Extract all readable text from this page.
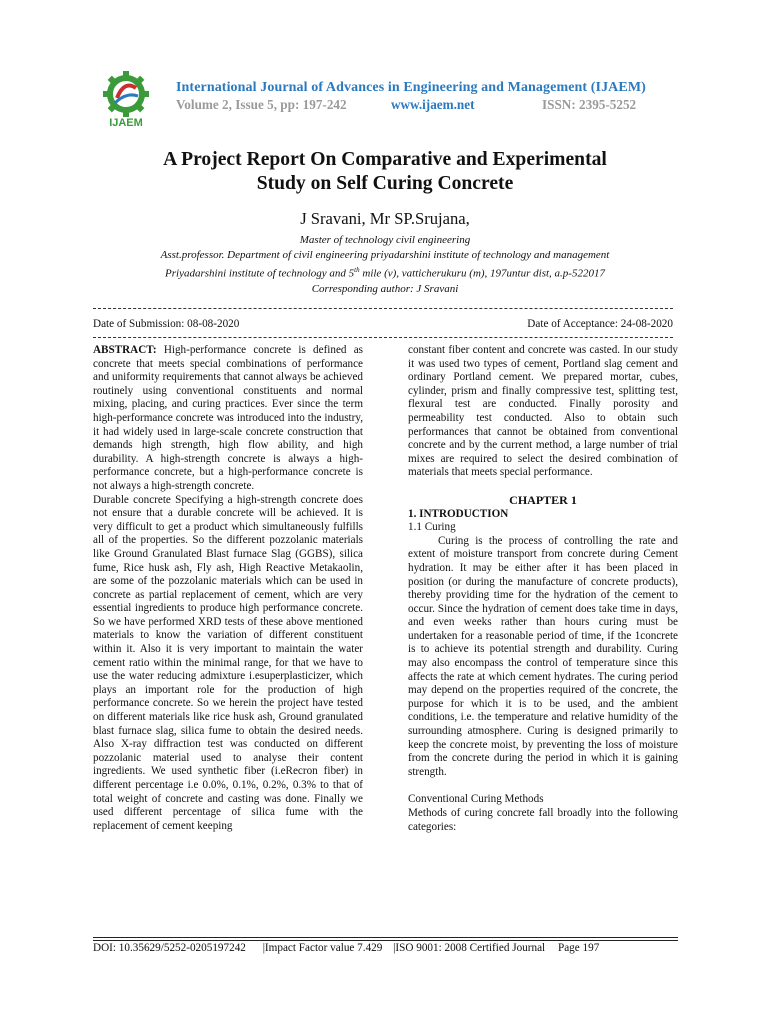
IJAEM
International Journal of Advances in Engineering and Management (IJAEM)
Volume 2, Issue 5, pp: 197-242	www.ijaem.net	ISSN: 2395-5252
A Project Report On Comparative and Experimental
Study on Self Curing Concrete
J Sravani, Mr SP.Srujana,
Master of technology civil engineering
Asst.professor. Department of civil engineering priyadarshini institute of technology and management
Priyadarshini institute of technology and 5th mile (v), vatticherukuru (m), 197untur dist, a.p-522017
Corresponding author: J Sravani
Date of Submission: 08-08-2020	Date of Acceptance: 24-08-2020

ABSTRACT: High-performance concrete is defined as concrete that meets special combinations of performance and uniformity requirements that cannot always be achieved routinely using conventional constituents and normal mixing, placing, and curing practices. Ever since the term high-performance concrete was introduced into the industry, it had widely used in large-scale concrete construction that demands high strength, high flow ability, and high durability. A high-strength concrete is always a high-performance concrete, but a high-performance concrete is not always a high-strength concrete.

Durable concrete Specifying a high-strength concrete does not ensure that a durable concrete will be achieved. It is very difficult to get a product which simultaneously fulfills all of the properties. So the different pozzolanic materials like Ground Granulated Blast furnace Slag (GGBS), silica fume, Rice husk ash, Fly ash, High Reactive Metakaolin, are some of the pozzolanic materials which can be used in concrete as partial replacement of cement, which are very essential ingredients to produce high performance concrete. So we have performed XRD tests of these above mentioned materials to know the variation of different constituent within it. Also it is very important to maintain the water cement ratio within the minimal range, for that we have to use the water reducing admixture i.esuperplasticizer, which plays an important role for the production of high performance concrete. So we herein the project have tested on different materials like rice husk ash, Ground granulated blast furnace slag, silica fume to obtain the desired needs. Also X-ray diffraction test was conducted on different pozzolanic material used to analyse their content ingredients. We used synthetic fiber (i.eRecron fiber) in different percentage i.e 0.0%, 0.1%, 0.2%, 0.3% to that of total weight of concrete and casting was done. Finally we used different percentage of silica fume with the replacement of cement keeping

constant fiber content and concrete was casted. In our study it was used two types of cement, Portland slag cement and ordinary Portland cement. We prepared mortar, cubes, cylinder, prism and finally compressive test, splitting test, flexural test are conducted. Finally porosity and permeability test conducted. Also to obtain such performances that cannot be obtained from conventional concrete and by the current method, a large number of trial mixes are required to select the desired combination of materials that meets special performance.

CHAPTER 1

1. INTRODUCTION

1.1 Curing

Curing is the process of controlling the rate and extent of moisture transport from concrete during Cement hydration. It may be either after it has been placed in position (or during the manufacture of concrete products), thereby providing time for the hydration of the cement to occur. Since the hydration of cement does take time in days, and even weeks rather than hours curing must be undertaken for a reasonable period of time, if the 1concrete is to achieve its potential strength and durability. Curing may also encompass the control of temperature since this affects the rate at which cement hydrates. The curing period may depend on the properties required of the concrete, the purpose for which it is to be used, and the ambient conditions, i.e. the temperature and relative humidity of the surrounding atmosphere. Curing is designed primarily to keep the concrete moist, by preventing the loss of moisture from the concrete during the period in which it is gaining strength.

Conventional Curing Methods

Methods of curing concrete fall broadly into the following categories:

DOI: 10.35629/5252-0205197242 |Impact Factor value 7.429 |ISO 9001: 2008 Certified Journal Page 197
